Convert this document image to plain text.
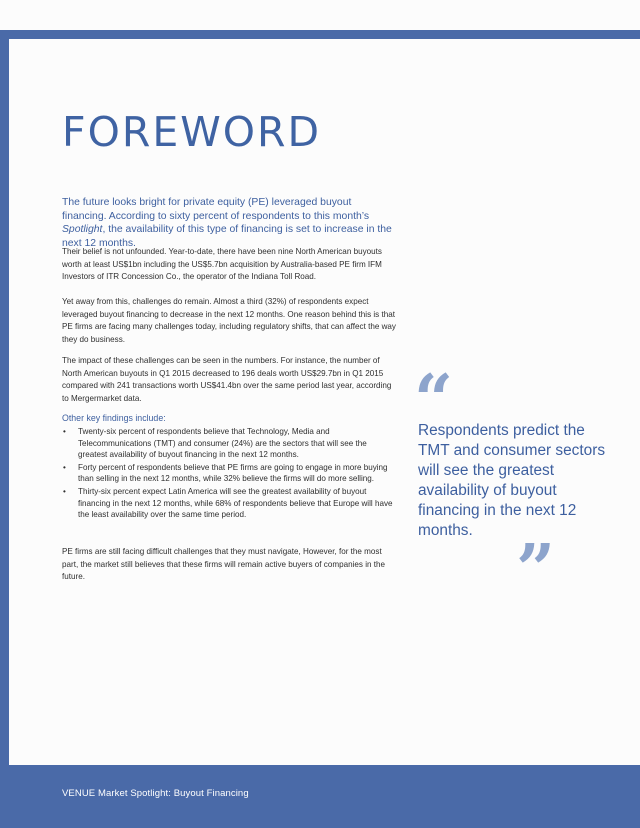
FOREWORD

The future looks bright for private equity (PE) leveraged buyout financing. According to sixty percent of respondents to this month’s Spotlight, the availability of this type of financing is set to increase in the next 12 months.

Their belief is not unfounded. Year-to-date, there have been nine North American buyouts worth at least US$1bn including the US$5.7bn acquisition by Australia-based PE firm IFM Investors of ITR Concession Co., the operator of the Indiana Toll Road.

Yet away from this, challenges do remain. Almost a third (32%) of respondents expect leveraged buyout financing to decrease in the next 12 months. One reason behind this is that PE firms are facing many challenges today, including regulatory shifts, that can affect the way they do business.

The impact of these challenges can be seen in the numbers. For instance, the number of North American buyouts in Q1 2015 decreased to 196 deals worth US$29.7bn in Q1 2015 compared with 241 transactions worth US$41.4bn over the same period last year, according to Mergermarket data.

Other key findings include:

• Twenty-six percent of respondents believe that Technology, Media and Telecommunications (TMT) and consumer (24%) are the sectors that will see the greatest availability of buyout financing in the next 12 months.
• Forty percent of respondents believe that PE firms are going to engage in more buying than selling in the next 12 months, while 32% believe the firms will do more selling.
• Thirty-six percent expect Latin America will see the greatest availability of buyout financing in the next 12 months, while 68% of respondents believe that Europe will have the least availability over the same time period.

PE firms are still facing difficult challenges that they must navigate, However, for the most part, the market still believes that these firms will remain active buyers of companies in the future.

“

Respondents predict the TMT and consumer sectors will see the greatest availability of buyout financing in the next 12 months. ”
VENUE Market Spotlight: Buyout Financing
